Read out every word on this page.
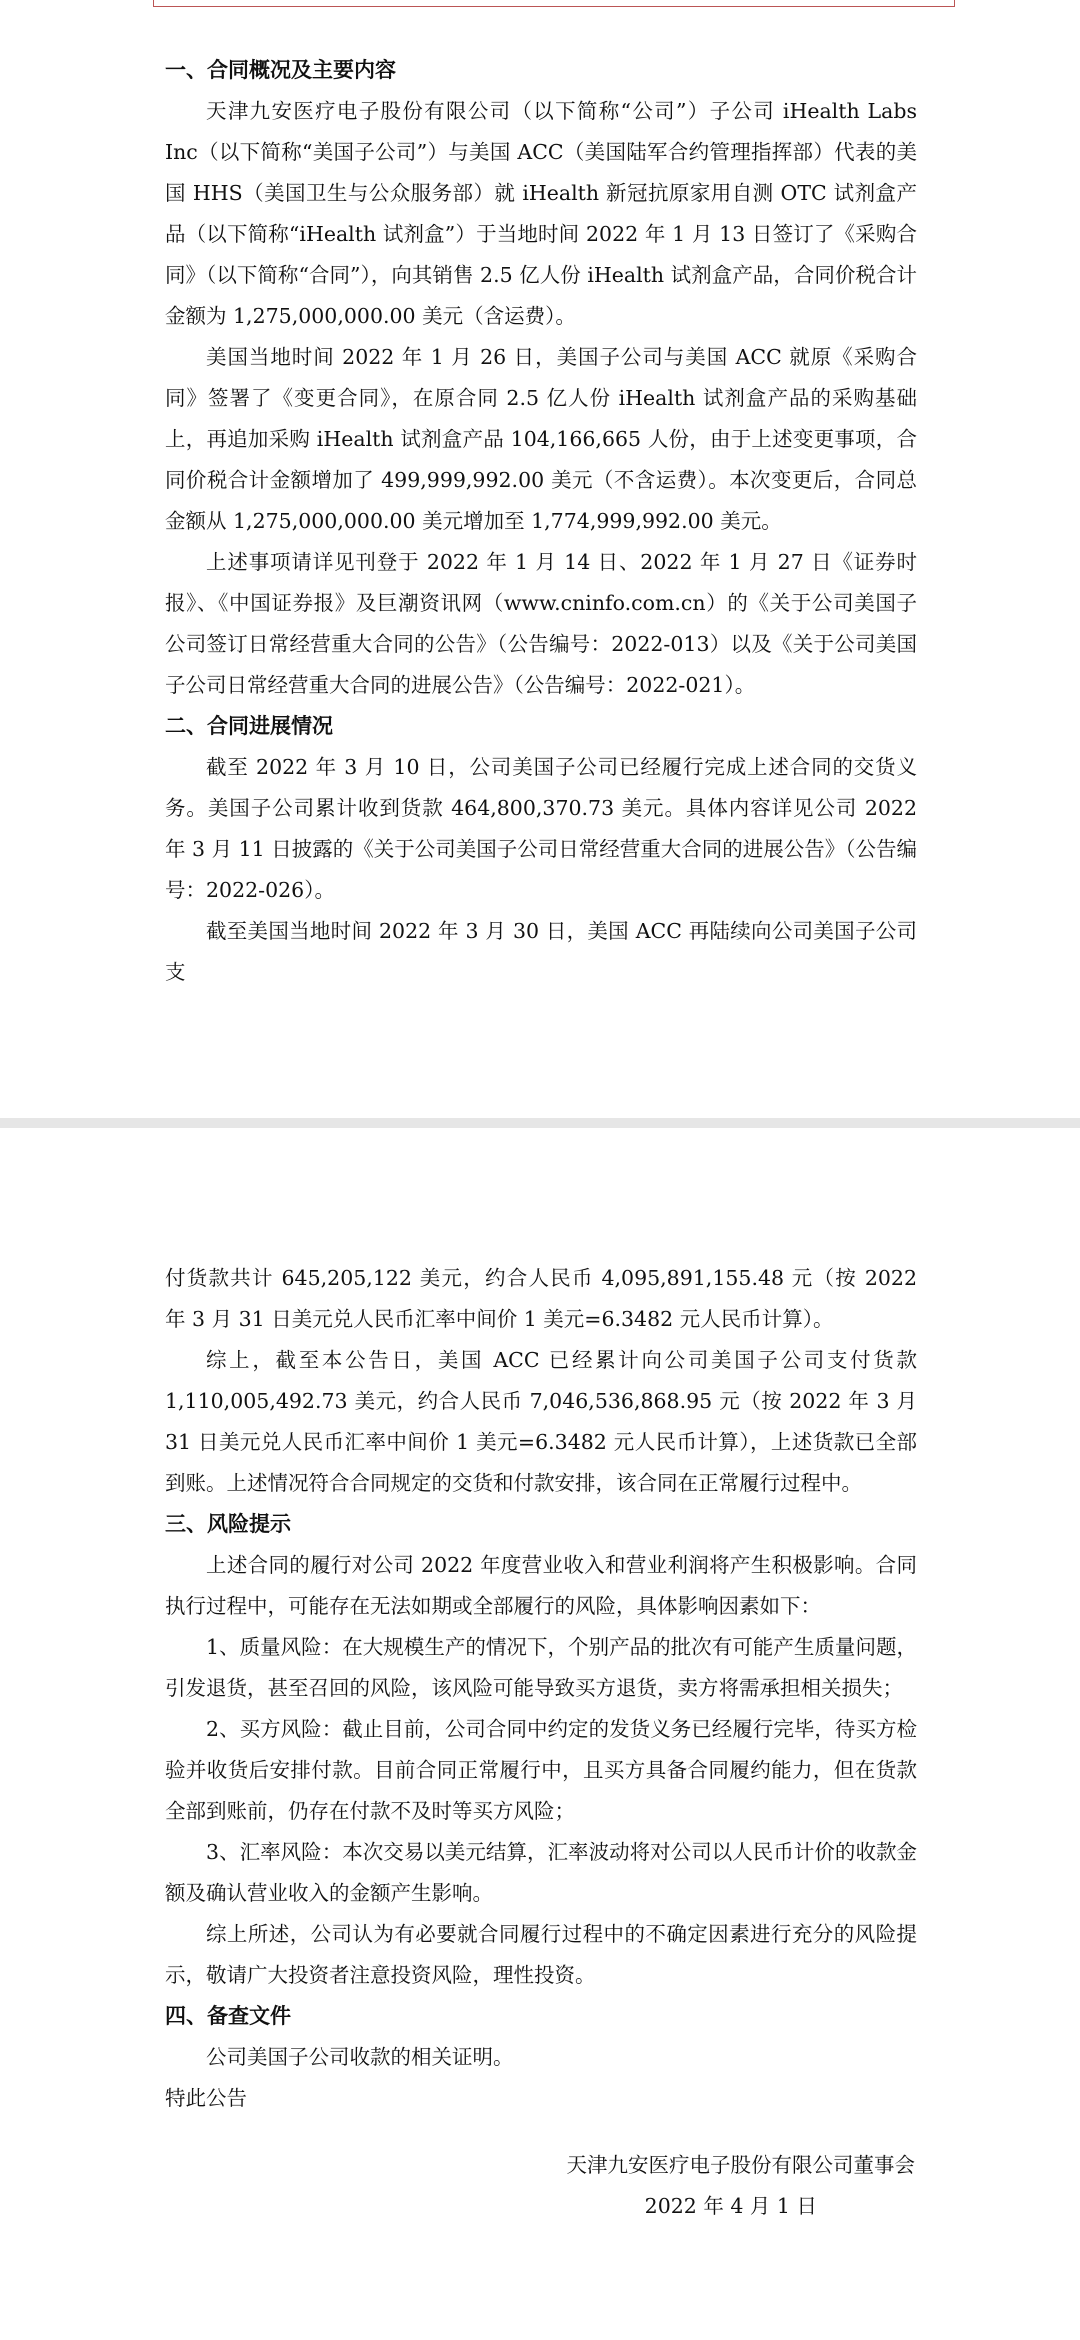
一、合同概况及主要内容

天津九安医疗电子股份有限公司（以下简称“公司”）子公司 iHealth Labs Inc（以下简称“美国子公司”）与美国 ACC（美国陆军合约管理指挥部）代表的美国 HHS（美国卫生与公众服务部）就 iHealth 新冠抗原家用自测 OTC 试剂盒产品（以下简称“iHealth 试剂盒”）于当地时间 2022 年 1 月 13 日签订了《采购合同》（以下简称“合同”），向其销售 2.5 亿人份 iHealth 试剂盒产品，合同价税合计金额为 1,275,000,000.00 美元（含运费）。

美国当地时间 2022 年 1 月 26 日，美国子公司与美国 ACC 就原《采购合同》签署了《变更合同》，在原合同 2.5 亿人份 iHealth 试剂盒产品的采购基础上，再追加采购 iHealth 试剂盒产品 104,166,665 人份，由于上述变更事项，合同价税合计金额增加了 499,999,992.00 美元（不含运费）。本次变更后，合同总金额从 1,275,000,000.00 美元增加至 1,774,999,992.00 美元。

上述事项请详见刊登于 2022 年 1 月 14 日、2022 年 1 月 27 日《证券时报》、《中国证券报》及巨潮资讯网（www.cninfo.com.cn）的《关于公司美国子公司签订日常经营重大合同的公告》（公告编号：2022-013）以及《关于公司美国子公司日常经营重大合同的进展公告》（公告编号：2022-021）。

二、合同进展情况

截至 2022 年 3 月 10 日，公司美国子公司已经履行完成上述合同的交货义务。美国子公司累计收到货款 464,800,370.73 美元。具体内容详见公司 2022 年 3 月 11 日披露的《关于公司美国子公司日常经营重大合同的进展公告》（公告编号：2022-026）。

截至美国当地时间 2022 年 3 月 30 日，美国 ACC 再陆续向公司美国子公司支

付货款共计 645,205,122 美元，约合人民币 4,095,891,155.48 元（按 2022 年 3 月 31 日美元兑人民币汇率中间价 1 美元=6.3482 元人民币计算）。

综上，截至本公告日，美国 ACC 已经累计向公司美国子公司支付货款 1,110,005,492.73 美元，约合人民币 7,046,536,868.95 元（按 2022 年 3 月 31 日美元兑人民币汇率中间价 1 美元=6.3482 元人民币计算），上述货款已全部到账。上述情况符合合同规定的交货和付款安排，该合同在正常履行过程中。

三、风险提示

上述合同的履行对公司 2022 年度营业收入和营业利润将产生积极影响。合同执行过程中，可能存在无法如期或全部履行的风险，具体影响因素如下：

1、质量风险：在大规模生产的情况下，个别产品的批次有可能产生质量问题，引发退货，甚至召回的风险，该风险可能导致买方退货，卖方将需承担相关损失；

2、买方风险：截止目前，公司合同中约定的发货义务已经履行完毕，待买方检验并收货后安排付款。目前合同正常履行中，且买方具备合同履约能力，但在货款全部到账前，仍存在付款不及时等买方风险；

3、汇率风险：本次交易以美元结算，汇率波动将对公司以人民币计价的收款金额及确认营业收入的金额产生影响。

综上所述，公司认为有必要就合同履行过程中的不确定因素进行充分的风险提示，敬请广大投资者注意投资风险，理性投资。

四、备查文件

公司美国子公司收款的相关证明。

特此公告

天津九安医疗电子股份有限公司董事会

2022 年 4 月 1 日
